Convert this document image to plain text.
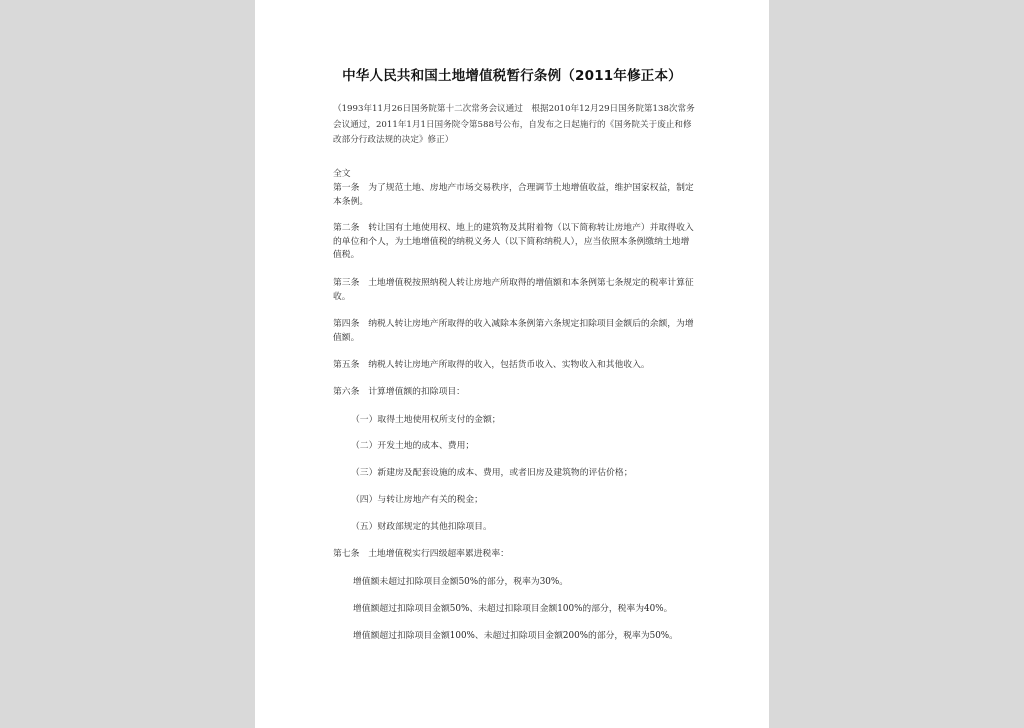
中华人民共和国土地增值税暂行条例（2011年修正本）
（1993年11月26日国务院第十二次常务会议通过　根据2010年12月29日国务院第138次常务会议通过，2011年1月1日国务院令第588号公布，自发布之日起施行的《国务院关于废止和修改部分行政法规的决定》修正）
全文
第一条　为了规范土地、房地产市场交易秩序，合理调节土地增值收益，维护国家权益，制定本条例。
第二条　转让国有土地使用权、地上的建筑物及其附着物（以下简称转让房地产）并取得收入的单位和个人，为土地增值税的纳税义务人（以下简称纳税人），应当依照本条例缴纳土地增值税。
第三条　土地增值税按照纳税人转让房地产所取得的增值额和本条例第七条规定的税率计算征收。
第四条　纳税人转让房地产所取得的收入减除本条例第六条规定扣除项目金额后的余额，为增值额。
第五条　纳税人转让房地产所取得的收入，包括货币收入、实物收入和其他收入。
第六条　计算增值额的扣除项目：
（一）取得土地使用权所支付的金额；
（二）开发土地的成本、费用；
（三）新建房及配套设施的成本、费用，或者旧房及建筑物的评估价格；
（四）与转让房地产有关的税金；
（五）财政部规定的其他扣除项目。
第七条　土地增值税实行四级超率累进税率：
增值额未超过扣除项目金额50%的部分，税率为30%。
增值额超过扣除项目金额50%、未超过扣除项目金额100%的部分，税率为40%。
增值额超过扣除项目金额100%、未超过扣除项目金额200%的部分，税率为50%。
